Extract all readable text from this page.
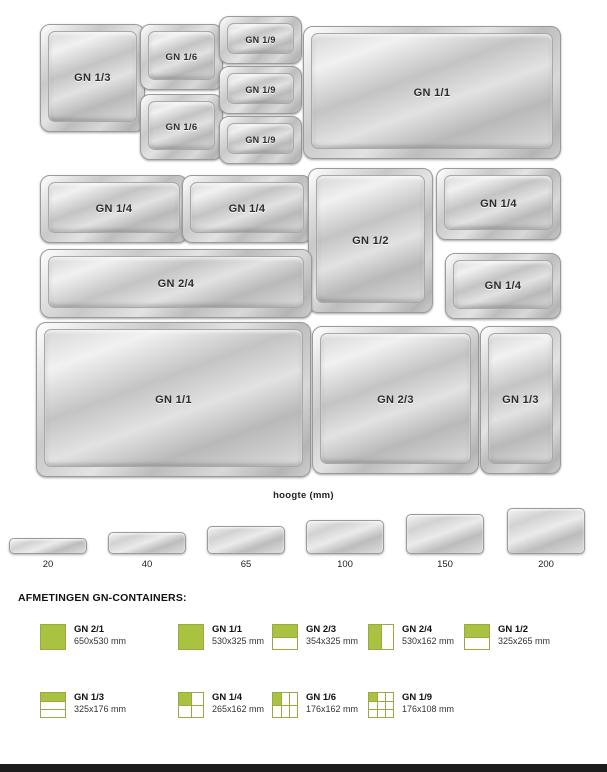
GN 1/3
GN 1/6
GN 1/6
GN 1/9
GN 1/9
GN 1/9
GN 1/1
GN 1/4	GN 1/4
GN 1/2
GN 1/4
GN 1/4
GN 2/4
GN 1/1	GN 2/3	GN 1/3
hoogte (mm)
20	40	65	100	150	200
AFMETINGEN GN-CONTAINERS:
GN 2/1
650x530 mm
GN 1/1
530x325 mm
GN 2/3
354x325 mm
GN 2/4
530x162 mm
GN 1/2
325x265 mm
GN 1/3
325x176 mm
GN 1/4
265x162 mm
GN 1/6
176x162 mm
GN 1/9
176x108 mm
